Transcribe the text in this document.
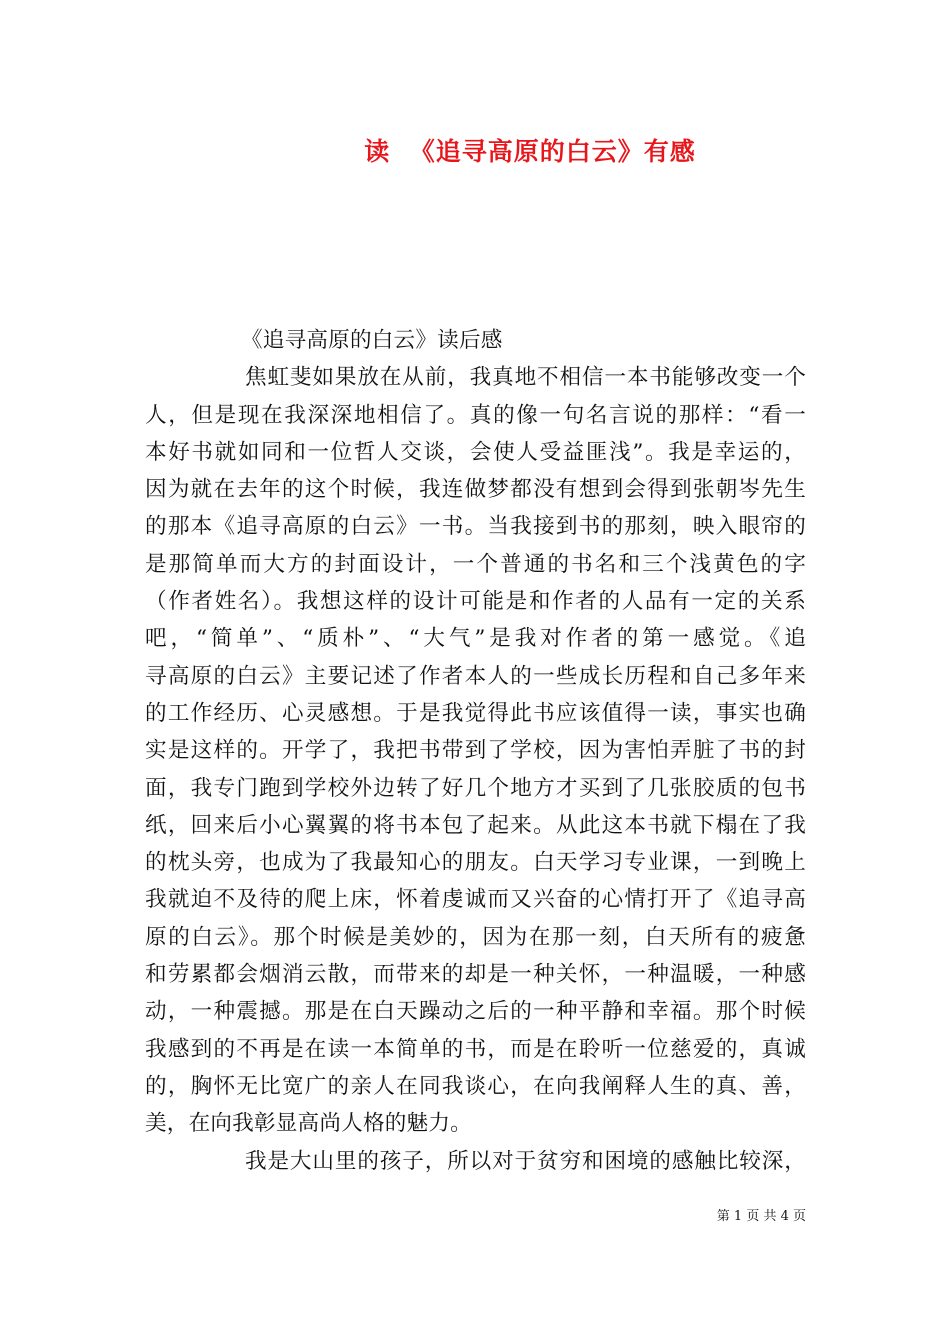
读  《追寻高原的白云》有感
《追寻高原的白云》读后感
焦虹斐如果放在从前，我真地不相信一本书能够改变一个
人，但是现在我深深地相信了。真的像一句名言说的那样：“看一
本好书就如同和一位哲人交谈，会使人受益匪浅”。我是幸运的，
因为就在去年的这个时候，我连做梦都没有想到会得到张朝岑先生
的那本《追寻高原的白云》一书。当我接到书的那刻，映入眼帘的
是那简单而大方的封面设计，一个普通的书名和三个浅黄色的字
（作者姓名）。我想这样的设计可能是和作者的人品有一定的关系
吧，“简单”、“质朴”、“大气”是我对作者的第一感觉。《追
寻高原的白云》主要记述了作者本人的一些成长历程和自己多年来
的工作经历、心灵感想。于是我觉得此书应该值得一读，事实也确
实是这样的。开学了，我把书带到了学校，因为害怕弄脏了书的封
面，我专门跑到学校外边转了好几个地方才买到了几张胶质的包书
纸，回来后小心翼翼的将书本包了起来。从此这本书就下榻在了我
的枕头旁，也成为了我最知心的朋友。白天学习专业课，一到晚上
我就迫不及待的爬上床，怀着虔诚而又兴奋的心情打开了《追寻高
原的白云》。那个时候是美妙的，因为在那一刻，白天所有的疲惫
和劳累都会烟消云散，而带来的却是一种关怀，一种温暖，一种感
动，一种震撼。那是在白天躁动之后的一种平静和幸福。那个时候
我感到的不再是在读一本简单的书，而是在聆听一位慈爱的，真诚
的，胸怀无比宽广的亲人在同我谈心，在向我阐释人生的真、善，
美，在向我彰显高尚人格的魅力。
我是大山里的孩子，所以对于贫穷和困境的感触比较深，
第 1 页 共 4 页
